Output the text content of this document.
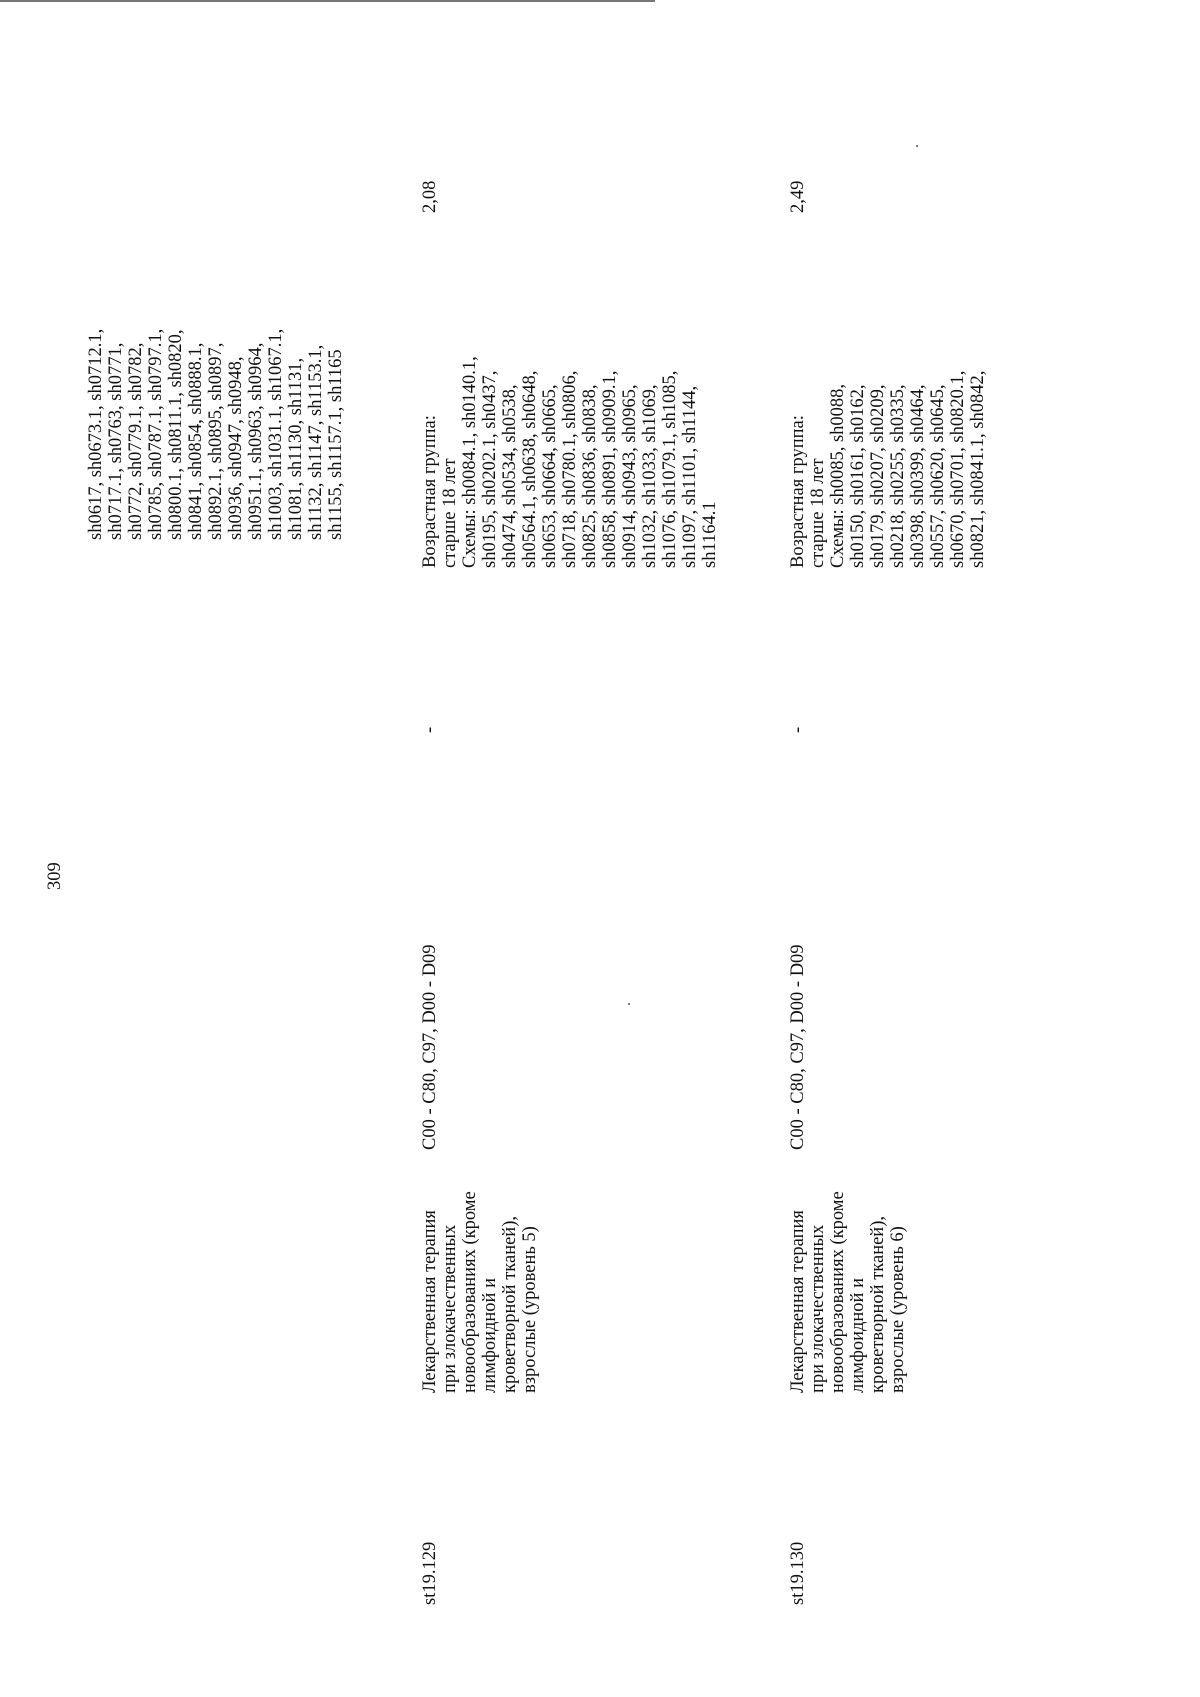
309
sh0617, sh0673.1, sh0712.1,
sh0717.1, sh0763, sh0771,
sh0772, sh0779.1, sh0782,
sh0785, sh0787.1, sh0797.1,
sh0800.1, sh0811.1, sh0820,
sh0841, sh0854, sh0888.1,
sh0892.1, sh0895, sh0897,
sh0936, sh0947, sh0948,
sh0951.1, sh0963, sh0964,
sh1003, sh1031.1, sh1067.1,
sh1081, sh1130, sh1131,
sh1132, sh1147, sh1153.1,
sh1155, sh1157.1, sh1165
st19.129
Лекарственная терапия
при злокачественных
новообразованиях (кроме
лимфоидной и
кроветворной тканей),
взрослые (уровень 5)
C00 - C80, C97, D00 - D09
-
Возрастная группа:
старше 18 лет
Схемы: sh0084.1, sh0140.1,
sh0195, sh0202.1, sh0437,
sh0474, sh0534, sh0538,
sh0564.1, sh0638, sh0648,
sh0653, sh0664, sh0665,
sh0718, sh0780.1, sh0806,
sh0825, sh0836, sh0838,
sh0858, sh0891, sh0909.1,
sh0914, sh0943, sh0965,
sh1032, sh1033, sh1069,
sh1076, sh1079.1, sh1085,
sh1097, sh1101, sh1144,
sh1164.1
2,08
st19.130
Лекарственная терапия
при злокачественных
новообразованиях (кроме
лимфоидной и
кроветворной тканей),
взрослые (уровень 6)
C00 - C80, C97, D00 - D09
-
Возрастная группа:
старше 18 лет
Схемы: sh0085, sh0088,
sh0150, sh0161, sh0162,
sh0179, sh0207, sh0209,
sh0218, sh0255, sh0335,
sh0398, sh0399, sh0464,
sh0557, sh0620, sh0645,
sh0670, sh0701, sh0820.1,
sh0821, sh0841.1, sh0842,
2,49
